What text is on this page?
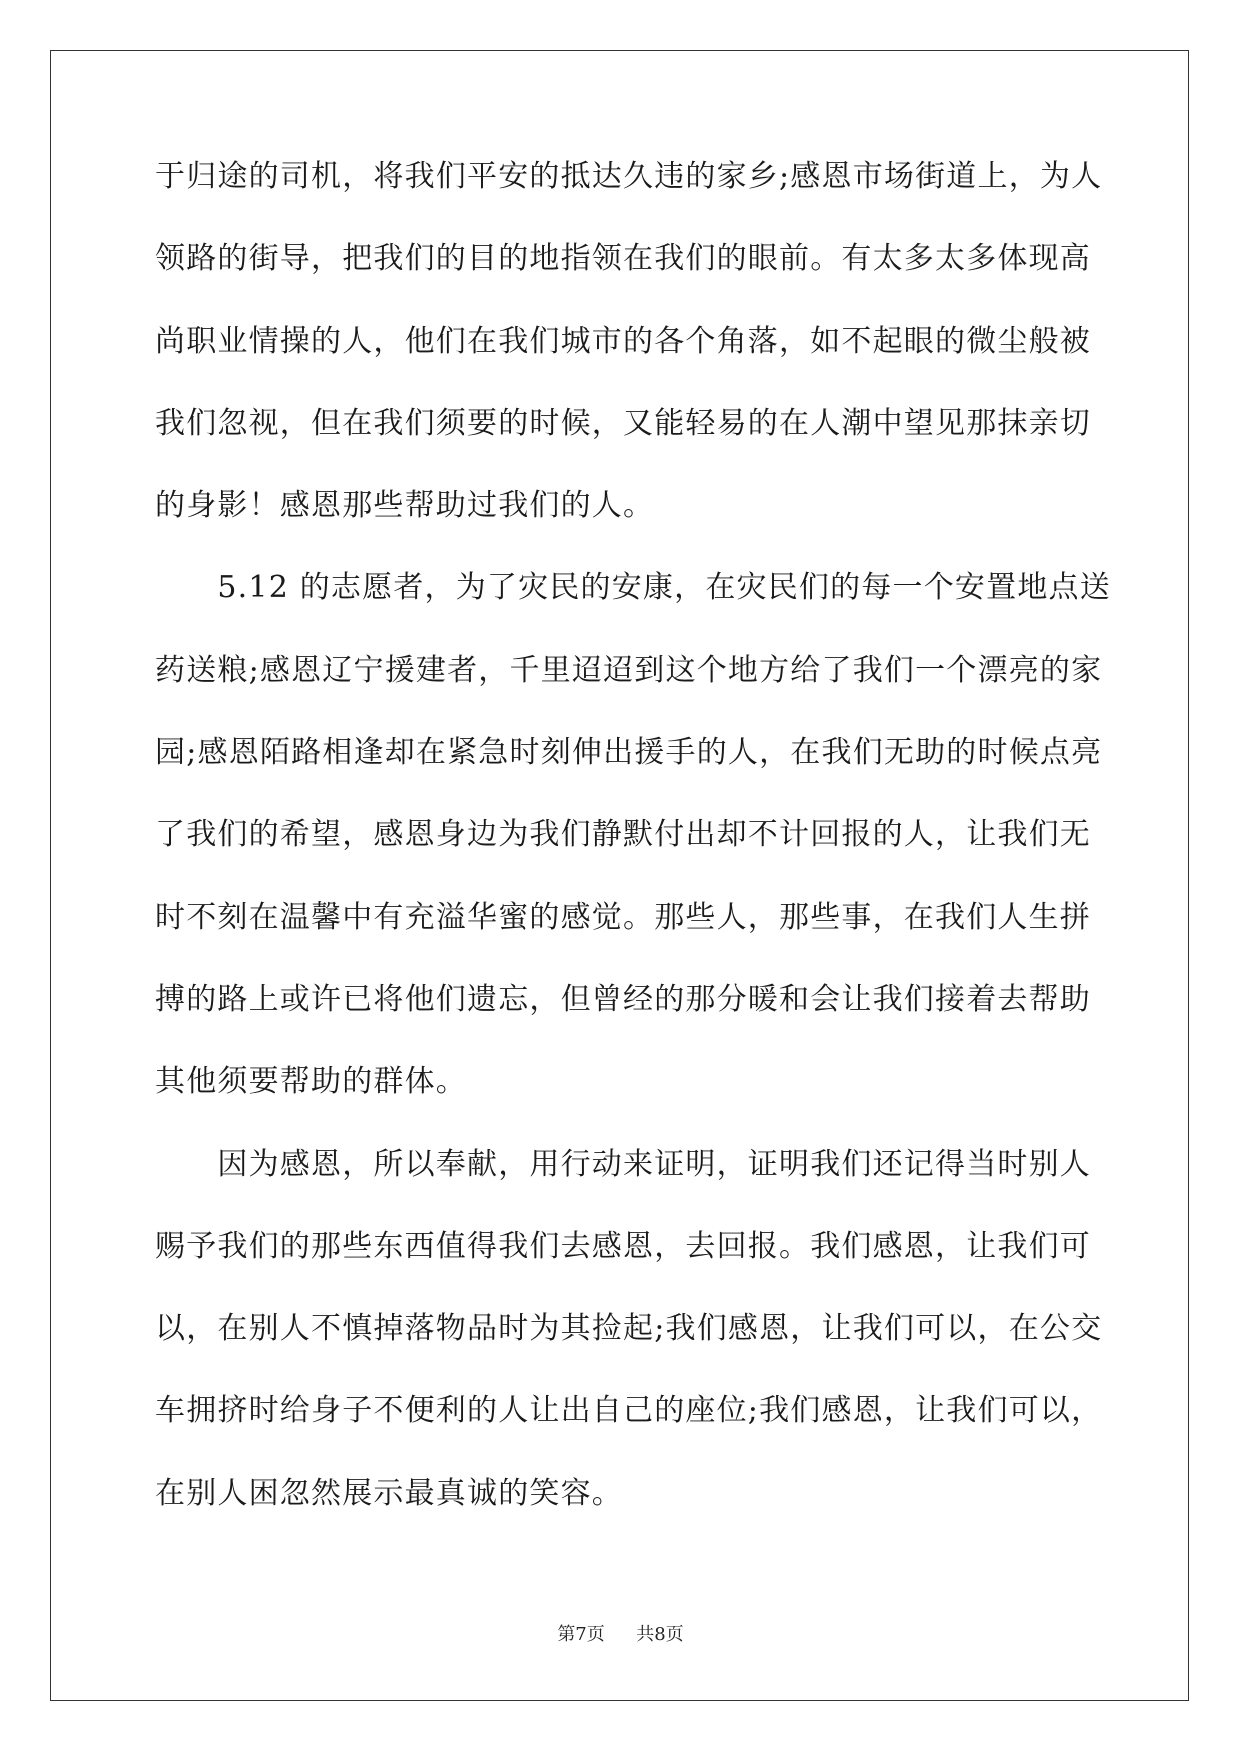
于归途的司机，将我们平安的抵达久违的家乡;感恩市场街道上，为人
领路的街导，把我们的目的地指领在我们的眼前。有太多太多体现高
尚职业情操的人，他们在我们城市的各个角落，如不起眼的微尘般被
我们忽视，但在我们须要的时候，又能轻易的在人潮中望见那抹亲切
的身影！感恩那些帮助过我们的人。
　　5.12 的志愿者，为了灾民的安康，在灾民们的每一个安置地点送
药送粮;感恩辽宁援建者，千里迢迢到这个地方给了我们一个漂亮的家
园;感恩陌路相逢却在紧急时刻伸出援手的人，在我们无助的时候点亮
了我们的希望，感恩身边为我们静默付出却不计回报的人，让我们无
时不刻在温馨中有充溢华蜜的感觉。那些人，那些事，在我们人生拼
搏的路上或许已将他们遗忘，但曾经的那分暖和会让我们接着去帮助
其他须要帮助的群体。
　　因为感恩，所以奉献，用行动来证明，证明我们还记得当时别人
赐予我们的那些东西值得我们去感恩，去回报。我们感恩，让我们可
以，在别人不慎掉落物品时为其捡起;我们感恩，让我们可以，在公交
车拥挤时给身子不便利的人让出自己的座位;我们感恩，让我们可以，
在别人困忽然展示最真诚的笑容。
第7页 共8页
